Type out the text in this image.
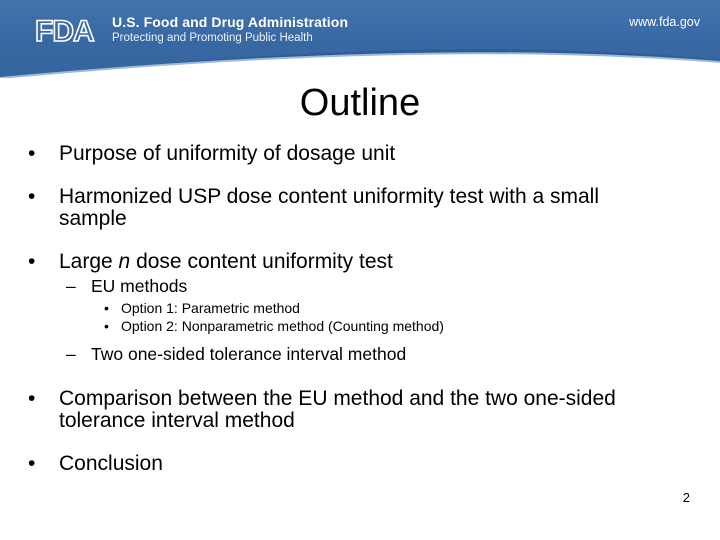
FDA U.S. Food and Drug Administration
Protecting and Promoting Public Health
www.fda.gov
Outline
•	Purpose of uniformity of dosage unit
•	Harmonized USP dose content uniformity test with a small
sample
•	Large n dose content uniformity test
– EU methods
• Option 1: Parametric method
• Option 2: Nonparametric method (Counting method)
– Two one-sided tolerance interval method
•	Comparison between the EU method and the two one-sided
tolerance interval method
•	Conclusion
2
